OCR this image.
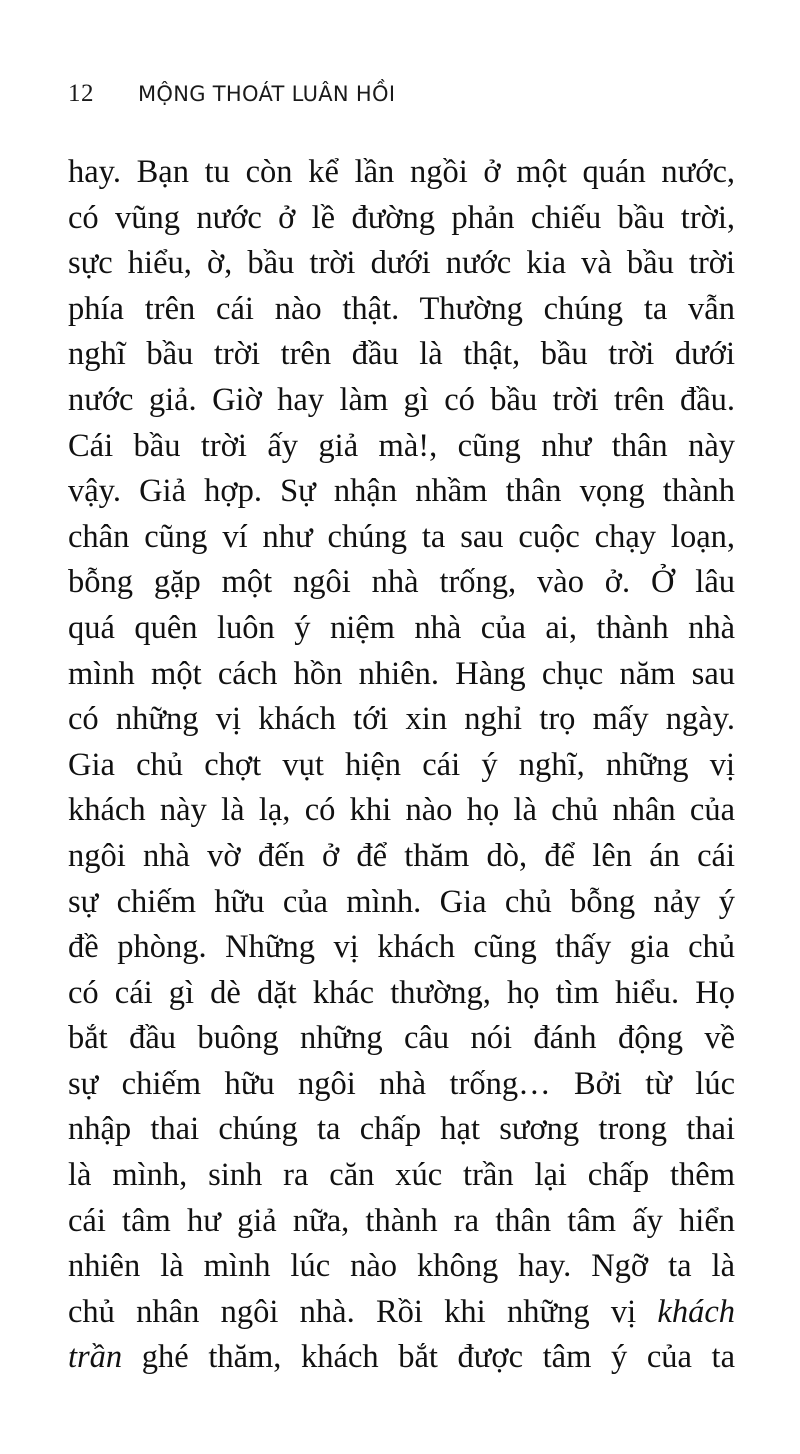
12 MỘNG THOÁT LUÂN HỒI
hay. Bạn tu còn kể lần ngồi ở một quán nước,
có vũng nước ở lề đường phản chiếu bầu trời,
sực hiểu, ờ, bầu trời dưới nước kia và bầu trời
phía trên cái nào thật. Thường chúng ta vẫn
nghĩ bầu trời trên đầu là thật, bầu trời dưới
nước giả. Giờ hay làm gì có bầu trời trên đầu.
Cái bầu trời ấy giả mà!, cũng như thân này
vậy. Giả hợp. Sự nhận nhầm thân vọng thành
chân cũng ví như chúng ta sau cuộc chạy loạn,
bỗng gặp một ngôi nhà trống, vào ở. Ở lâu
quá quên luôn ý niệm nhà của ai, thành nhà
mình một cách hồn nhiên. Hàng chục năm sau
có những vị khách tới xin nghỉ trọ mấy ngày.
Gia chủ chợt vụt hiện cái ý nghĩ, những vị
khách này là lạ, có khi nào họ là chủ nhân của
ngôi nhà vờ đến ở để thăm dò, để lên án cái
sự chiếm hữu của mình. Gia chủ bỗng nảy ý
đề phòng. Những vị khách cũng thấy gia chủ
có cái gì dè dặt khác thường, họ tìm hiểu. Họ
bắt đầu buông những câu nói đánh động về
sự chiếm hữu ngôi nhà trống… Bởi từ lúc
nhập thai chúng ta chấp hạt sương trong thai
là mình, sinh ra căn xúc trần lại chấp thêm
cái tâm hư giả nữa, thành ra thân tâm ấy hiển
nhiên là mình lúc nào không hay. Ngỡ ta là
chủ nhân ngôi nhà. Rồi khi những vị khách
trần ghé thăm, khách bắt được tâm ý của ta
